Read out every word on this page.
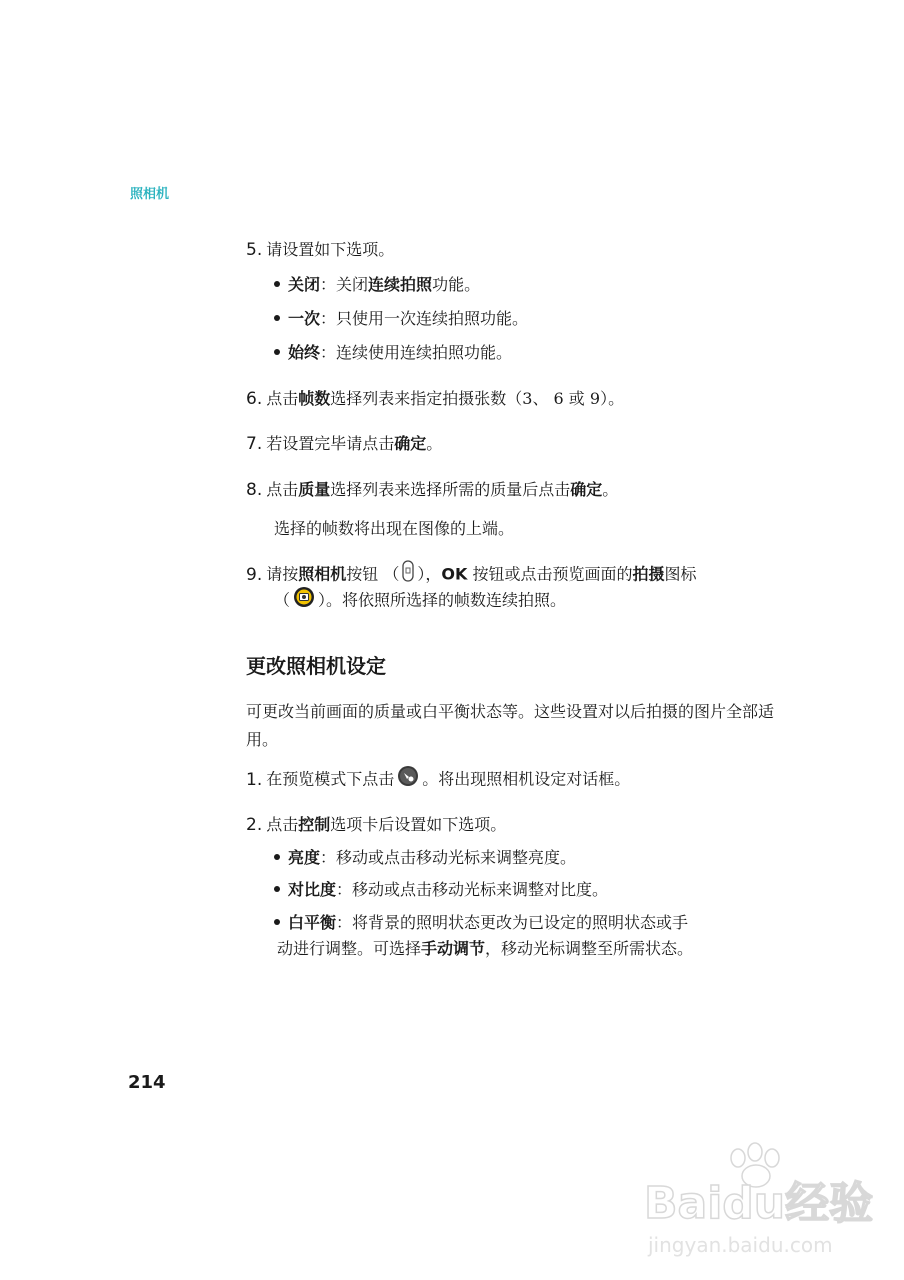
照相机
5. 请设置如下选项。
关闭：关闭连续拍照功能。
一次：只使用一次连续拍照功能。
始终：连续使用连续拍照功能。
6. 点击帧数选择列表来指定拍摄张数（3、 6 或 9）。
7. 若设置完毕请点击确定。
8. 点击质量选择列表来选择所需的质量后点击确定。
选择的帧数将出现在图像的上端。
9. 请按照相机按钮 （ ），OK 按钮或点击预览画面的拍摄图标
（ ）。将依照所选择的帧数连续拍照。
更改照相机设定
可更改当前画面的质量或白平衡状态等。这些设置对以后拍摄的图片全部适用。
1. 在预览模式下点击 。将出现照相机设定对话框。
2. 点击控制选项卡后设置如下选项。
亮度：移动或点击移动光标来调整亮度。
对比度：移动或点击移动光标来调整对比度。
白平衡：将背景的照明状态更改为已设定的照明状态或手
动进行调整。可选择手动调节，移动光标调整至所需状态。
214
Baidu经验
jingyan.baidu.com
